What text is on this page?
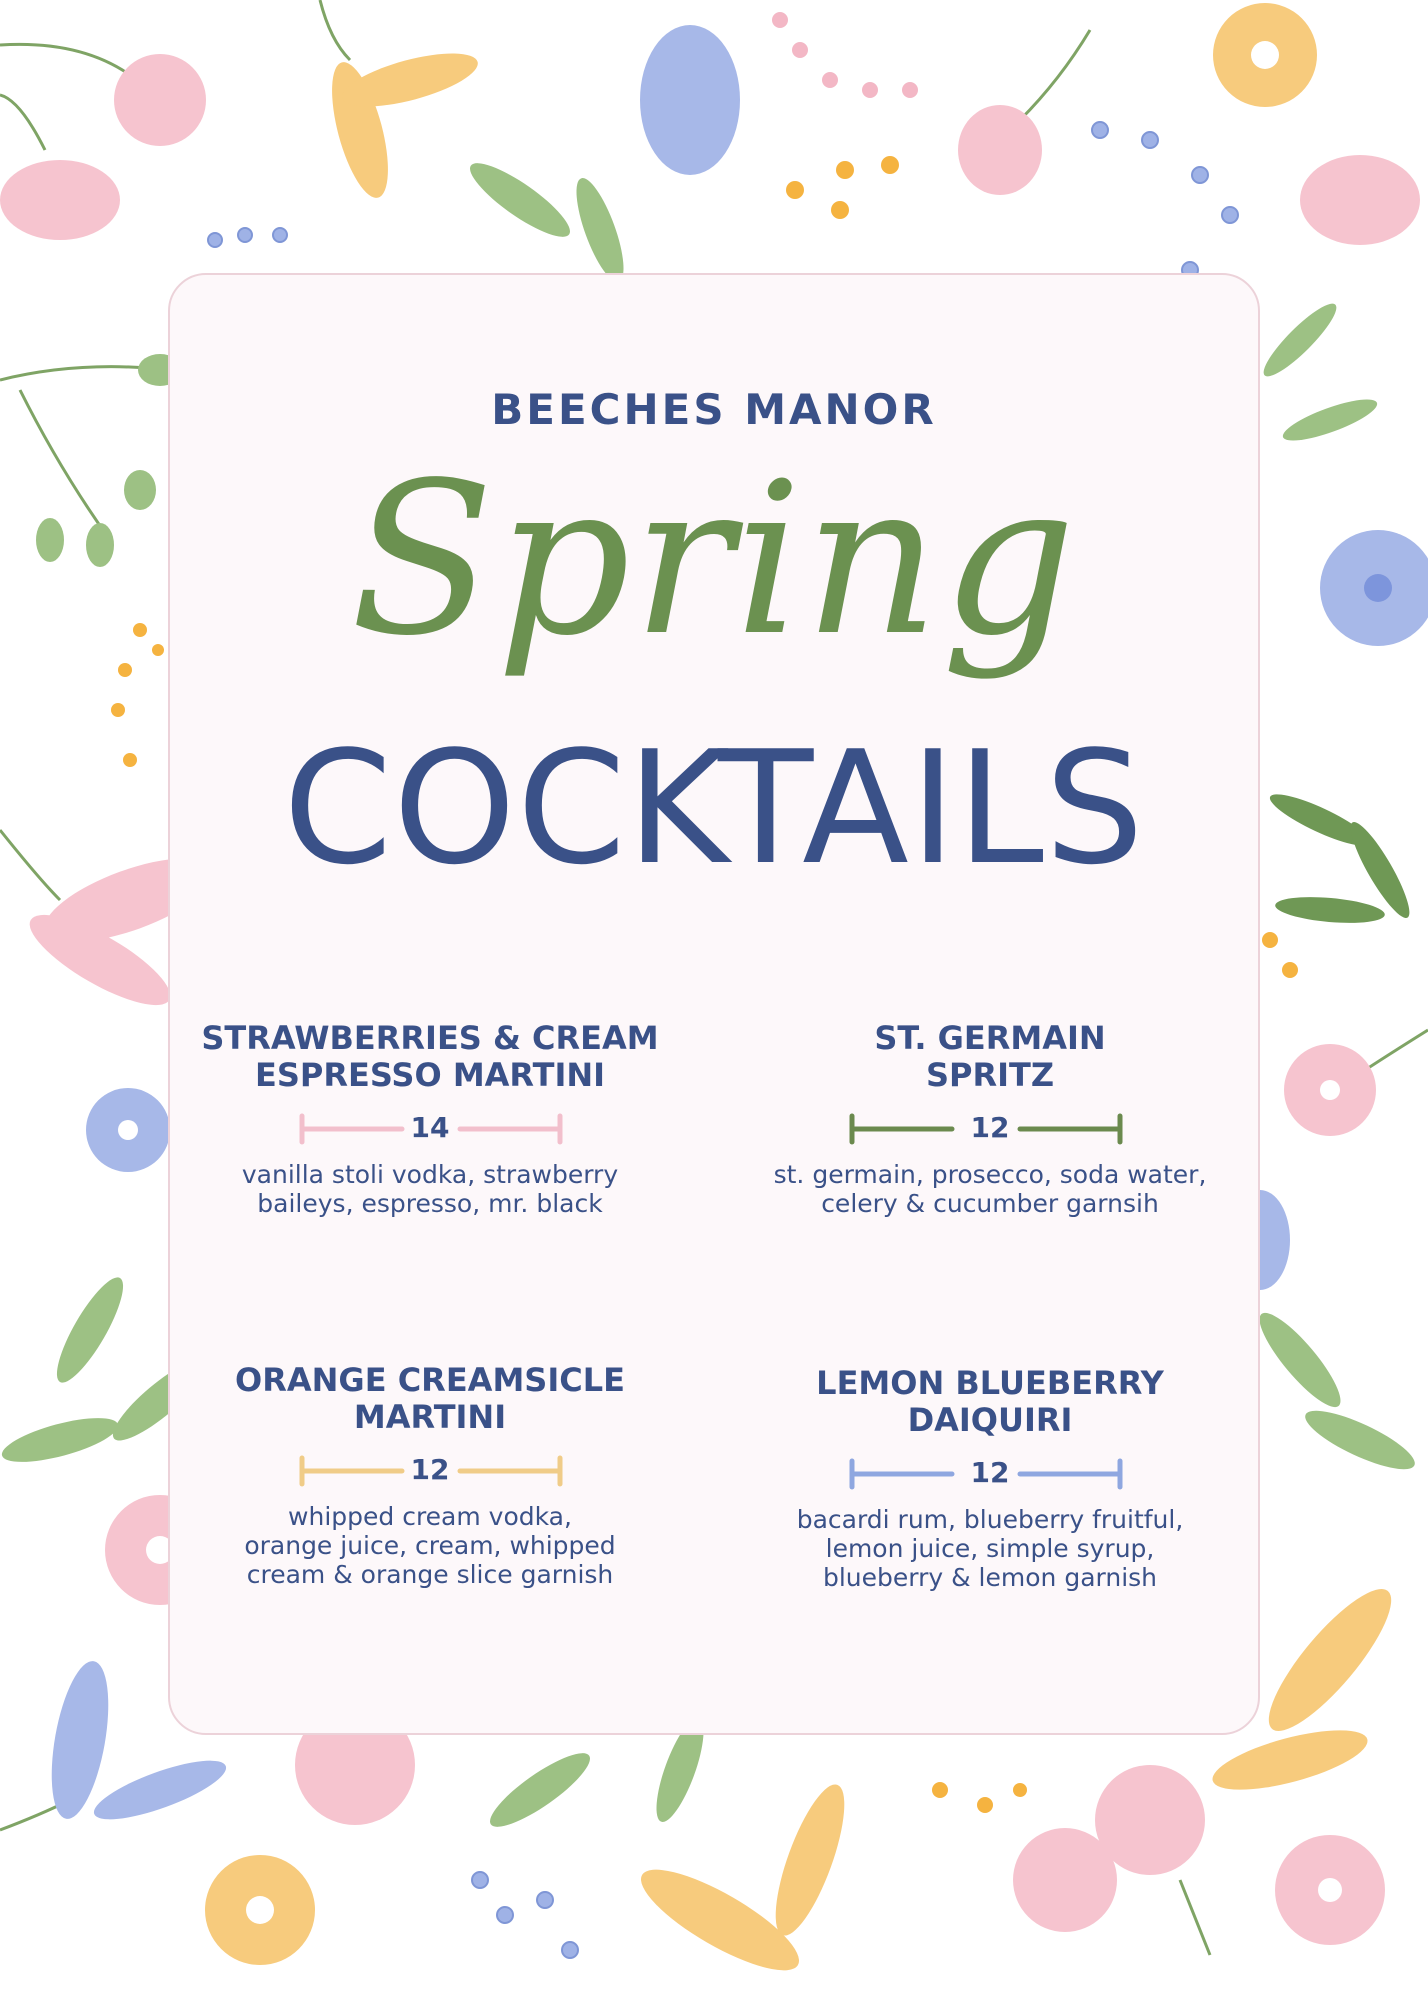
BEECHES MANOR
Spring
COCKTAILS
STRAWBERRIES & CREAM
ESPRESSO MARTINI
14
vanilla stoli vodka, strawberry
baileys, espresso, mr. black
ST. GERMAIN
SPRITZ
12
st. germain, prosecco, soda water,
celery & cucumber garnsih
ORANGE CREAMSICLE
MARTINI
12
whipped cream vodka,
orange juice, cream, whipped
cream & orange slice garnish
LEMON BLUEBERRY
DAIQUIRI
12
bacardi rum, blueberry fruitful,
lemon juice, simple syrup,
blueberry & lemon garnish
